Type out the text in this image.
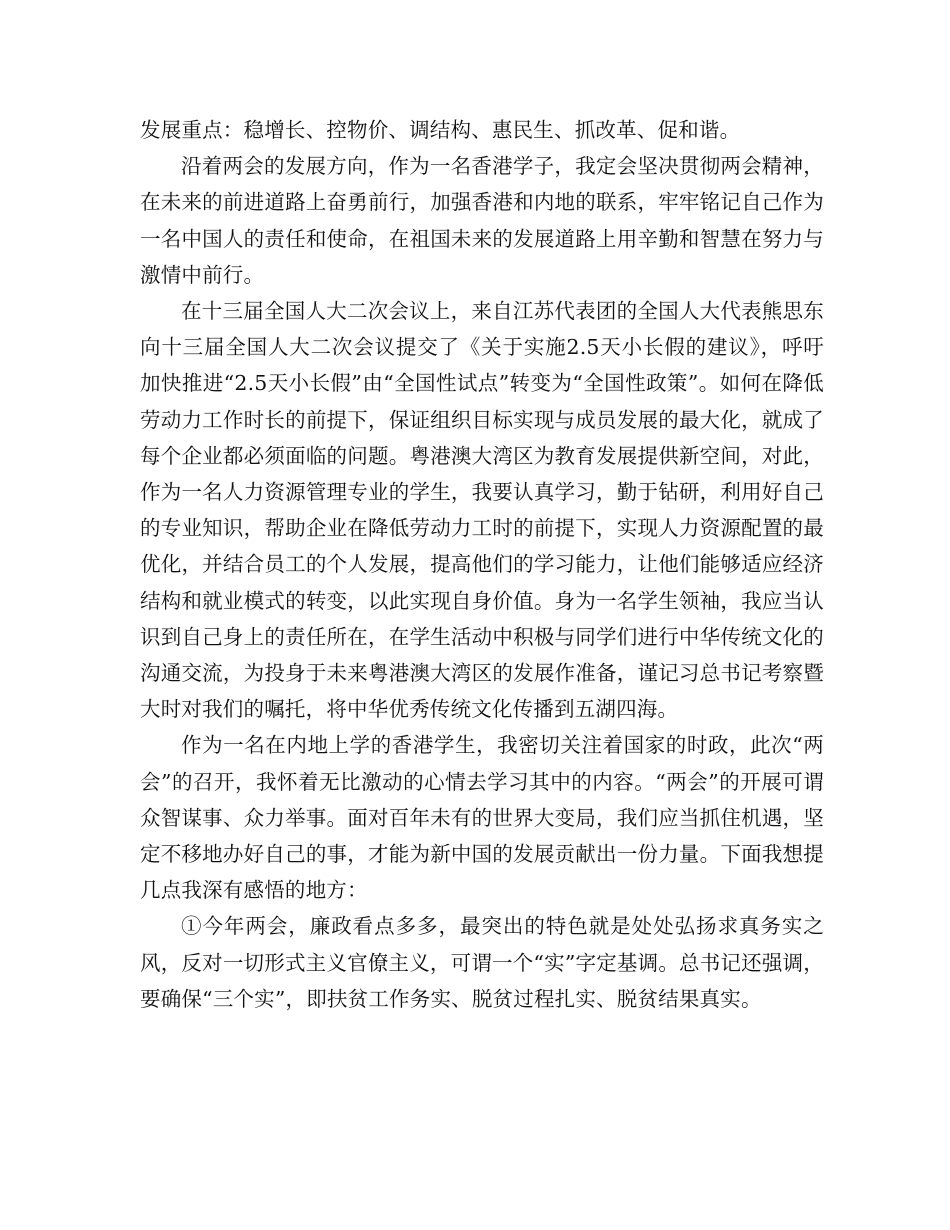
发展重点：稳增长、控物价、调结构、惠民生、抓改革、促和谐。

沿着两会的发展方向，作为一名香港学子，我定会坚决贯彻两会精神，在未来的前进道路上奋勇前行，加强香港和内地的联系，牢牢铭记自己作为一名中国人的责任和使命，在祖国未来的发展道路上用辛勤和智慧在努力与激情中前行。

在十三届全国人大二次会议上，来自江苏代表团的全国人大代表熊思东向十三届全国人大二次会议提交了《关于实施2.5天小长假的建议》，呼吁加快推进“2.5天小长假”由“全国性试点”转变为“全国性政策”。如何在降低劳动力工作时长的前提下，保证组织目标实现与成员发展的最大化，就成了每个企业都必须面临的问题。粤港澳大湾区为教育发展提供新空间，对此，作为一名人力资源管理专业的学生，我要认真学习，勤于钻研，利用好自己的专业知识，帮助企业在降低劳动力工时的前提下，实现人力资源配置的最优化，并结合员工的个人发展，提高他们的学习能力，让他们能够适应经济结构和就业模式的转变，以此实现自身价值。身为一名学生领袖，我应当认识到自己身上的责任所在，在学生活动中积极与同学们进行中华传统文化的沟通交流，为投身于未来粤港澳大湾区的发展作准备，谨记习总书记考察暨大时对我们的嘱托，将中华优秀传统文化传播到五湖四海。

作为一名在内地上学的香港学生，我密切关注着国家的时政，此次“两会”的召开，我怀着无比激动的心情去学习其中的内容。“两会”的开展可谓众智谋事、众力举事。面对百年未有的世界大变局，我们应当抓住机遇，坚定不移地办好自己的事，才能为新中国的发展贡献出一份力量。下面我想提几点我深有感悟的地方：

①今年两会，廉政看点多多，最突出的特色就是处处弘扬求真务实之风，反对一切形式主义官僚主义，可谓一个“实”字定基调。总书记还强调，要确保“三个实”，即扶贫工作务实、脱贫过程扎实、脱贫结果真实。
